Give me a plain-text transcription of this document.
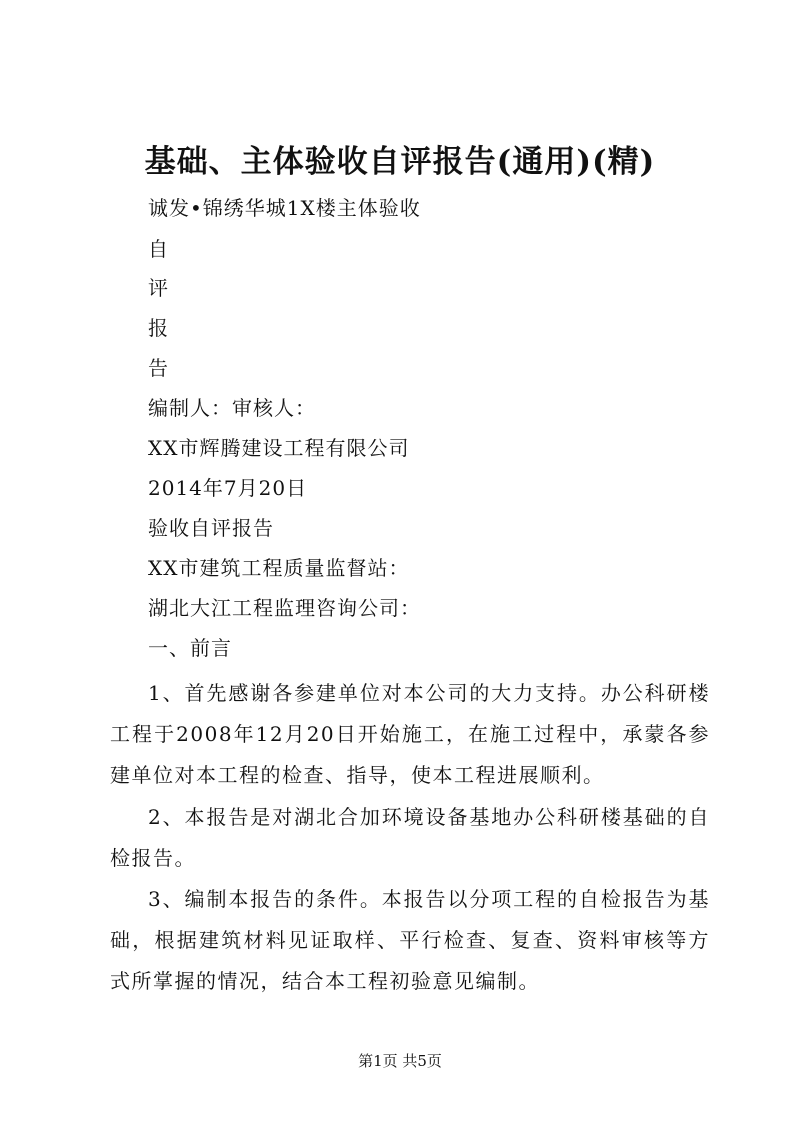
基础、主体验收自评报告(通用)(精)
诚发•锦绣华城1X楼主体验收
自
评
报
告
编制人：审核人：
XX市辉腾建设工程有限公司
2014年7月20日
验收自评报告
XX市建筑工程质量监督站：
湖北大江工程监理咨询公司：
一、前言
1、首先感谢各参建单位对本公司的大力支持。办公科研楼工程于2008年12月20日开始施工，在施工过程中，承蒙各参建单位对本工程的检查、指导，使本工程进展顺利。
2、本报告是对湖北合加环境设备基地办公科研楼基础的自检报告。
3、编制本报告的条件。本报告以分项工程的自检报告为基础，根据建筑材料见证取样、平行检查、复查、资料审核等方式所掌握的情况，结合本工程初验意见编制。
第1页 共5页
